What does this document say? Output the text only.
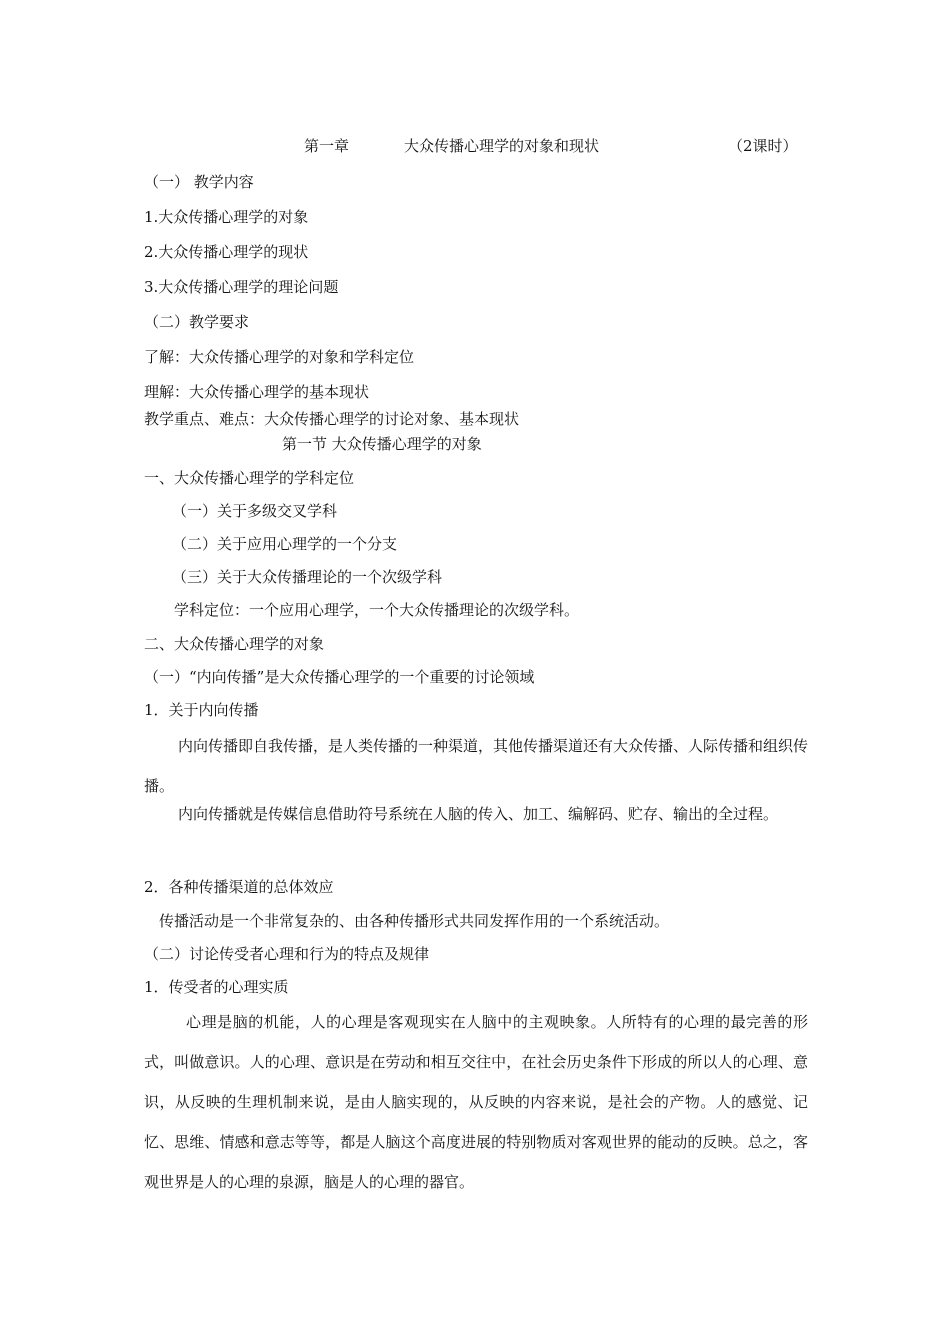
第一章	大众传播心理学的对象和现状	（2课时）

（一） 教学内容

1.大众传播心理学的对象

2.大众传播心理学的现状

3.大众传播心理学的理论问题

（二）教学要求

了解：大众传播心理学的对象和学科定位

理解：大众传播心理学的基本现状

教学重点、难点：大众传播心理学的讨论对象、基本现状

第一节 大众传播心理学的对象

一、大众传播心理学的学科定位

（一）关于多级交叉学科

（二）关于应用心理学的一个分支

（三）关于大众传播理论的一个次级学科

学科定位：一个应用心理学，一个大众传播理论的次级学科。

二、大众传播心理学的对象

（一）“内向传播”是大众传播心理学的一个重要的讨论领域

1．关于内向传播

内向传播即自我传播，是人类传播的一种渠道，其他传播渠道还有大众传播、人际传播和组织传播。

内向传播就是传媒信息借助符号系统在人脑的传入、加工、编解码、贮存、输出的全过程。

2．各种传播渠道的总体效应

传播活动是一个非常复杂的、由各种传播形式共同发挥作用的一个系统活动。

（二）讨论传受者心理和行为的特点及规律

1．传受者的心理实质

心理是脑的机能，人的心理是客观现实在人脑中的主观映象。人所特有的心理的最完善的形式，叫做意识。人的心理、意识是在劳动和相互交往中，在社会历史条件下形成的所以人的心理、意识，从反映的生理机制来说，是由人脑实现的，从反映的内容来说，是社会的产物。人的感觉、记忆、思维、情感和意志等等，都是人脑这个高度进展的特别物质对客观世界的能动的反映。总之，客观世界是人的心理的泉源，脑是人的心理的器官。
